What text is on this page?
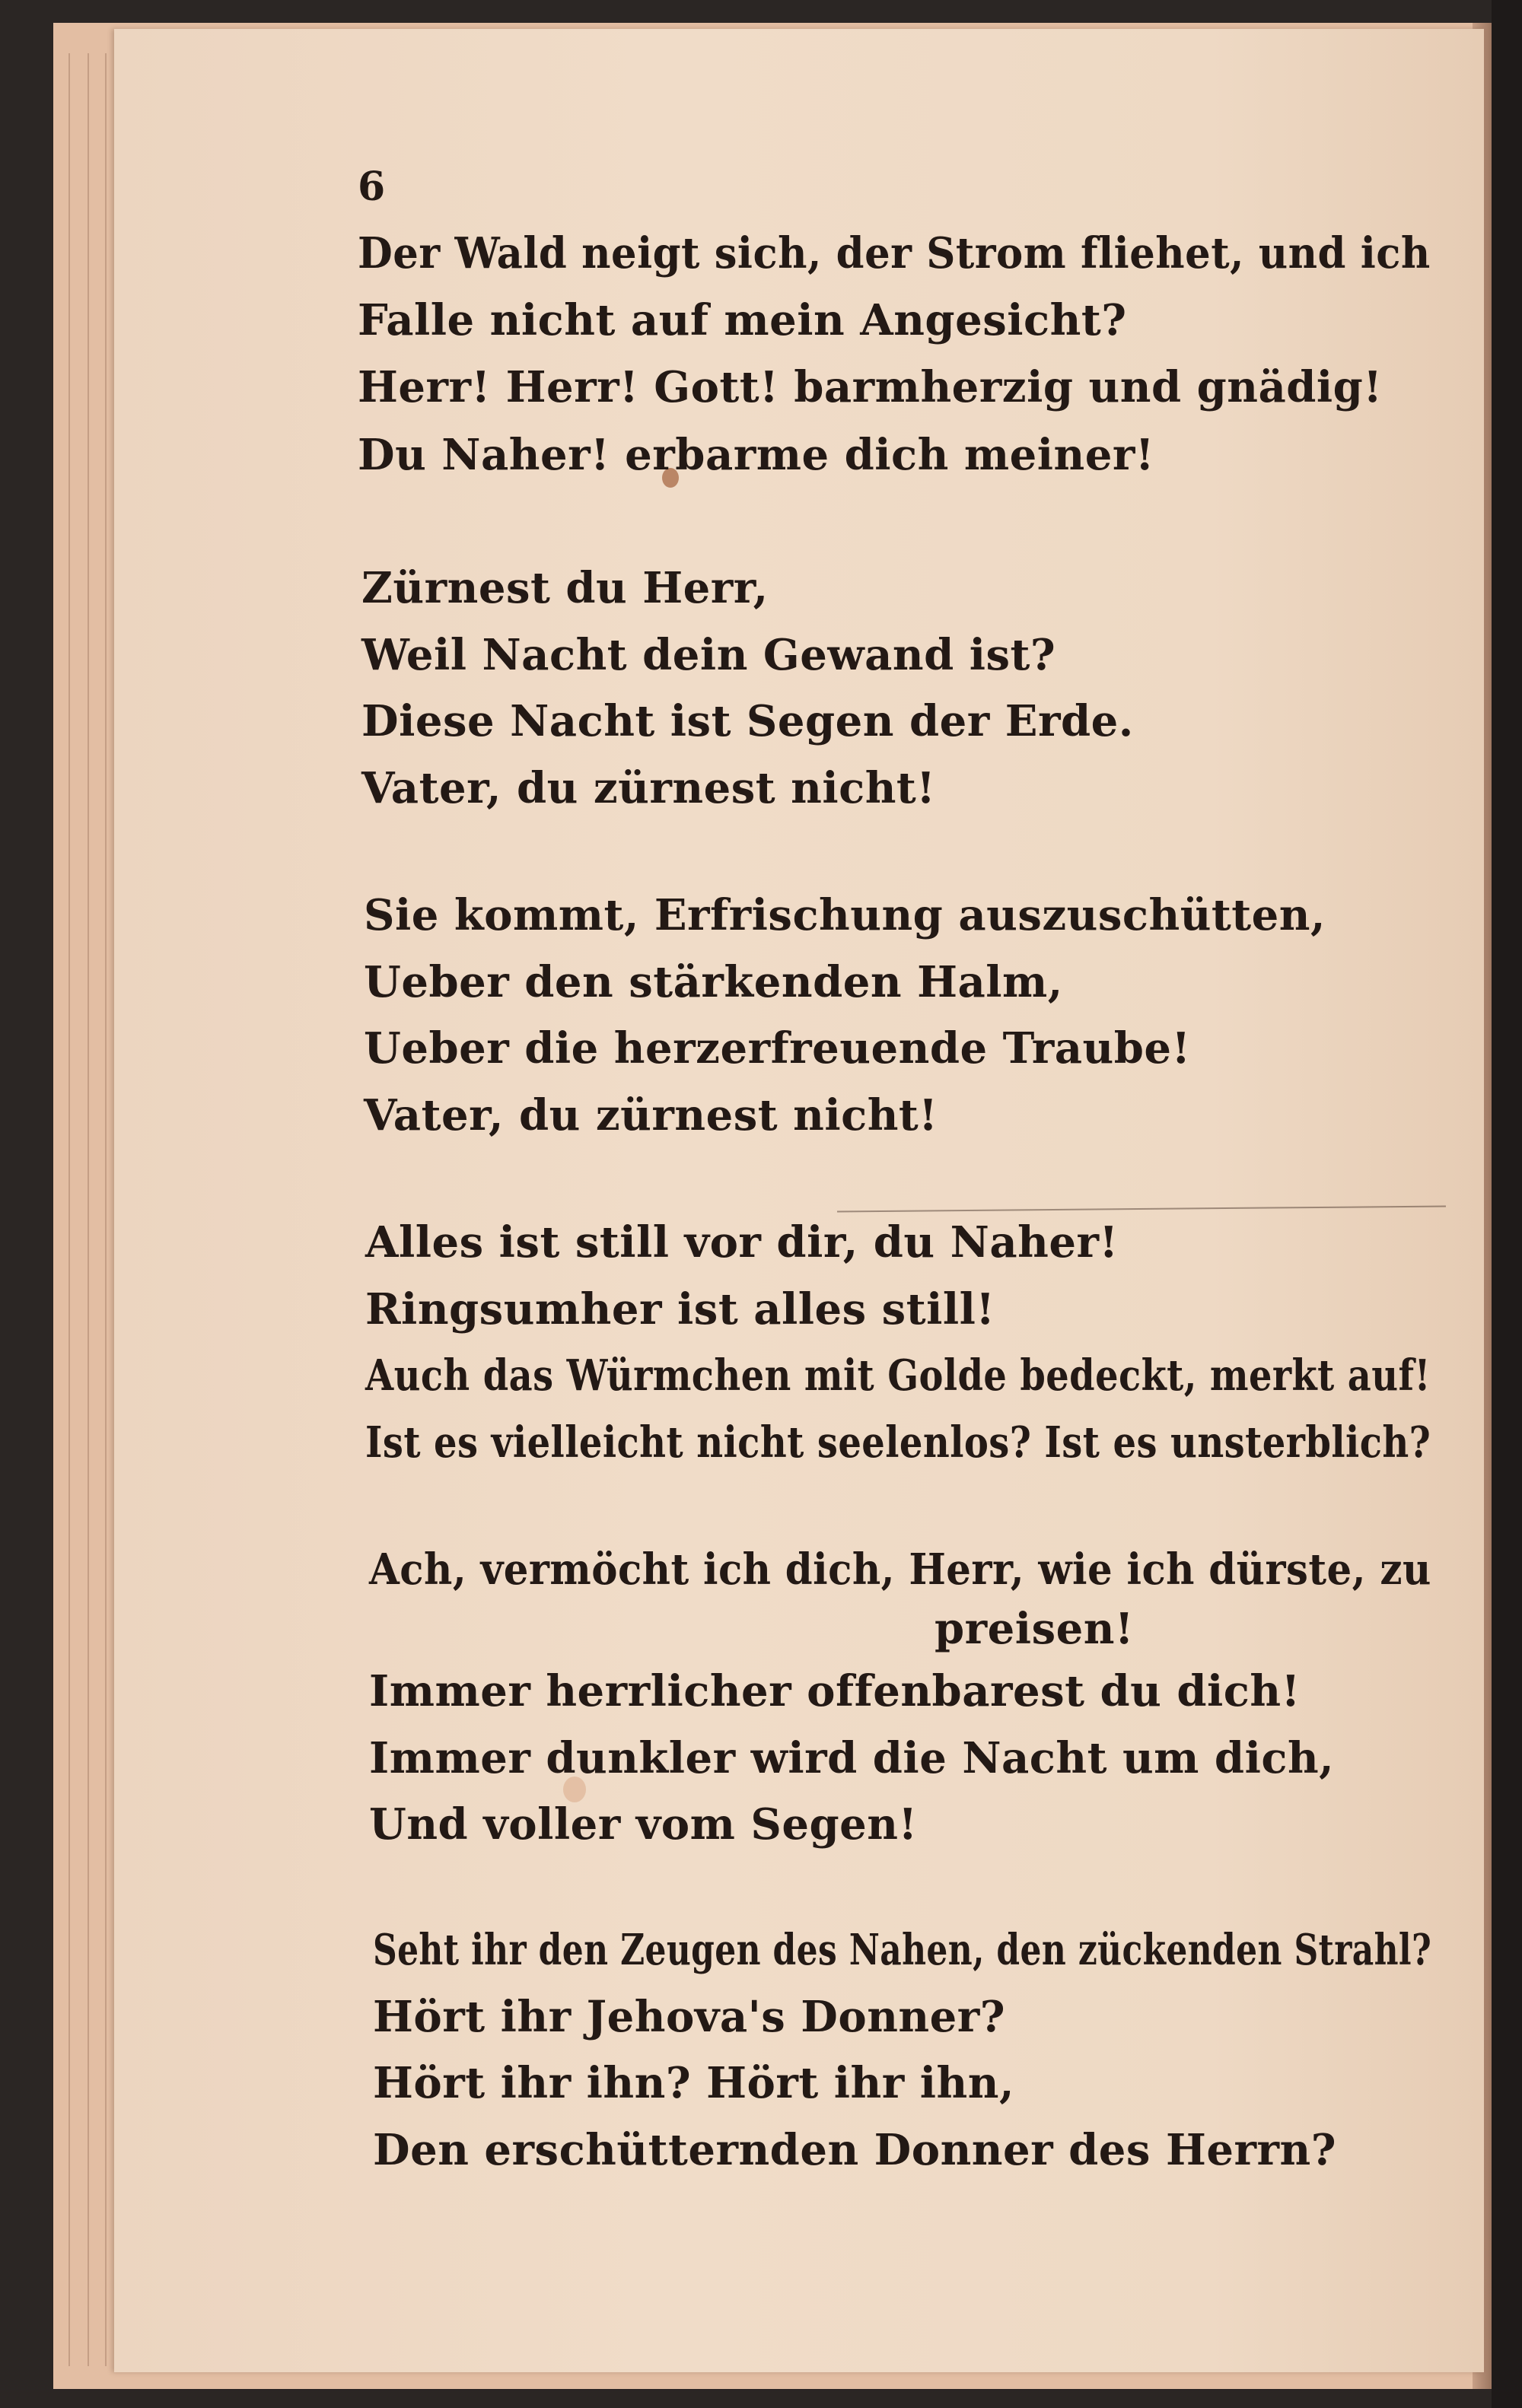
6
Der Wald neigt sich, der Strom fliehet, und ich
Falle nicht auf mein Angesicht?
Herr! Herr! Gott! barmherzig und gnädig!
Du Naher! erbarme dich meiner!
Zürnest du Herr,
Weil Nacht dein Gewand ist?
Diese Nacht ist Segen der Erde.
Vater, du zürnest nicht!
Sie kommt, Erfrischung auszuschütten,
Ueber den stärkenden Halm,
Ueber die herzerfreuende Traube!
Vater, du zürnest nicht!
Alles ist still vor dir, du Naher!
Ringsumher ist alles still!
Auch das Würmchen mit Golde bedeckt, merkt auf!
Ist es vielleicht nicht seelenlos? Ist es unsterblich?
Ach, vermöcht ich dich, Herr, wie ich dürste, zu
preisen!
Immer herrlicher offenbarest du dich!
Immer dunkler wird die Nacht um dich,
Und voller vom Segen!
Seht ihr den Zeugen des Nahen, den zückenden Strahl?
Hört ihr Jehova's Donner?
Hört ihr ihn? Hört ihr ihn,
Den erschütternden Donner des Herrn?
